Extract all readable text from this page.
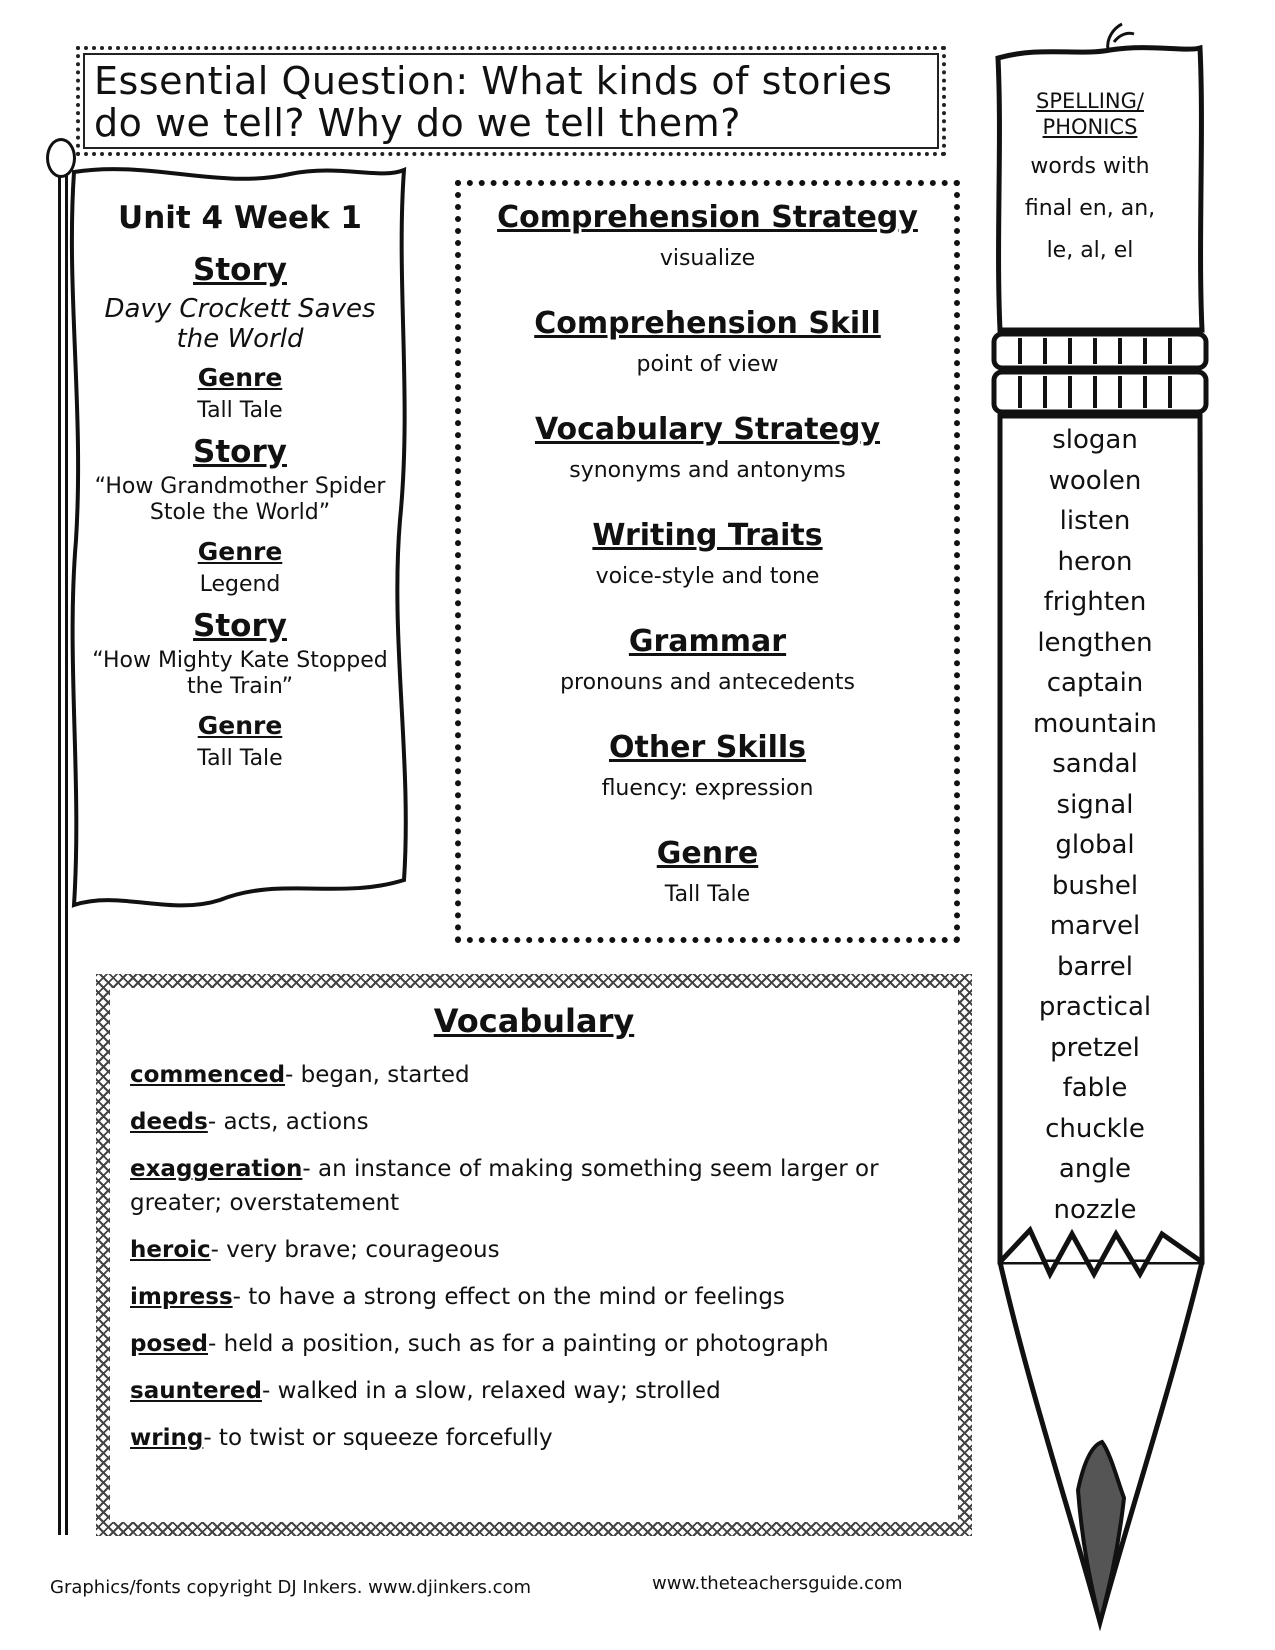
Essential Question: What kinds of stories do we tell? Why do we tell them?
Unit 4 Week 1
Story
Davy Crockett Saves the World
Genre
Tall Tale
Story
“How Grandmother Spider Stole the World”
Genre
Legend
Story
“How Mighty Kate Stopped the Train”
Genre
Tall Tale
Comprehension Strategy
visualize
Comprehension Skill
point of view
Vocabulary Strategy
synonyms and antonyms
Writing Traits
voice-style and tone
Grammar
pronouns and antecedents
Other Skills
fluency: expression
Genre
Tall Tale
Vocabulary
commenced- began, started
deeds- acts, actions
exaggeration- an instance of making something seem larger or greater; overstatement
heroic- very brave; courageous
impress- to have a strong effect on the mind or feelings
posed- held a position, such as for a painting or photograph
sauntered- walked in a slow, relaxed way; strolled
wring- to twist or squeeze forcefully
SPELLING/
PHONICS
words with
final en, an,
le, al, el
slogan
woolen
listen
heron
frighten
lengthen
captain
mountain
sandal
signal
global
bushel
marvel
barrel
practical
pretzel
fable
chuckle
angle
nozzle
Graphics/fonts copyright DJ Inkers. www.djinkers.com	www.theteachersguide.com
